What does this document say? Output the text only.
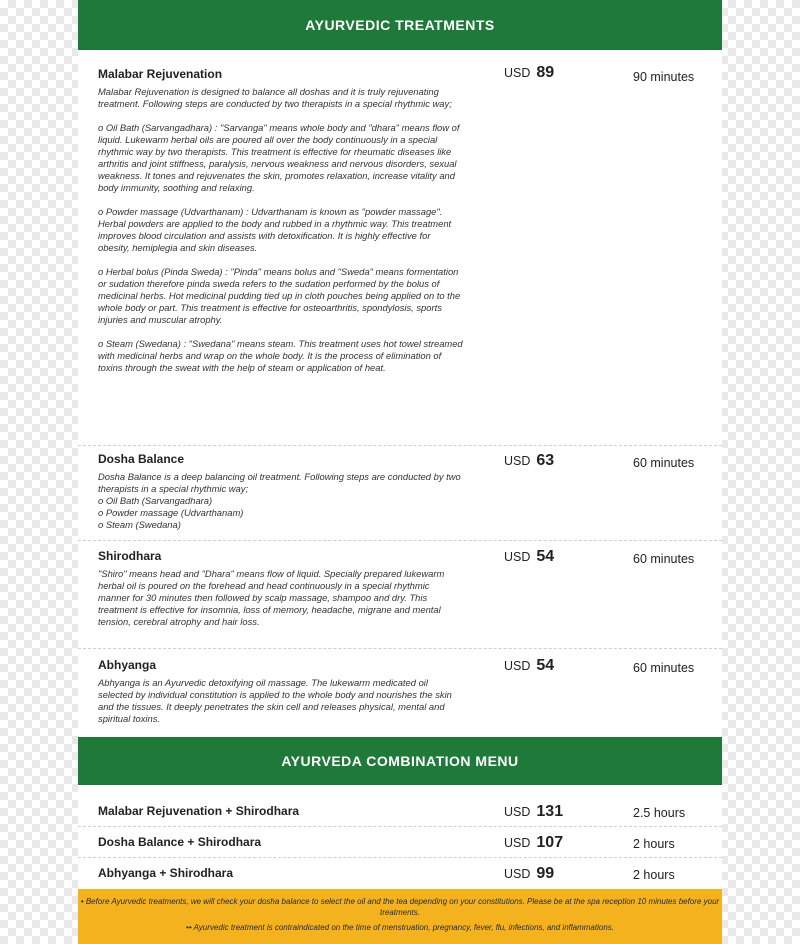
AYURVEDIC TREATMENTS
Malabar Rejuvenation

Malabar Rejuvenation is designed to balance all doshas and it is truly rejuvenating treatment. Following steps are conducted by two therapists in a special rhythmic way;

o Oil Bath (Sarvangadhara) : "Sarvanga" means whole body and "dhara" means flow of liquid. Lukewarm herbal oils are poured all over the body continuously in a special rhythmic way by two therapists. This treatment is effective for rheumatic diseases like arthritis and joint stiffness, paralysis, nervous weakness and nervous disorders, sexual weakness. It tones and rejuvenates the skin, promotes relaxation, increase vitality and body immunity, soothing and relaxing.

o Powder massage (Udvarthanam) : Udvarthanam is known as "powder massage". Herbal powders are applied to the body and rubbed in a rhythmic way. This treatment improves blood circulation and assists with detoxification. It is highly effective for obesity, hemiplegia and skin diseases.

o Herbal bolus (Pinda Sweda) : "Pinda" means bolus and "Sweda" means formentation or sudation therefore pinda sweda refers to the sudation performed by the bolus of medicinal herbs. Hot medicinal pudding tied up in cloth pouches being applied on to the whole body or part. This treatment is effective for osteoarthritis, spondylosis, sports injuries and muscular atrophy.

o Steam (Swedana) : "Swedana" means steam. This treatment uses hot towel streamed with medicinal herbs and wrap on the whole body. It is the process of elimination of toxins through the sweat with the help of steam or application of heat.

USD 89	90 minutes
Dosha Balance
Dosha Balance is a deep balancing oil treatment. Following steps are conducted by two therapists in a special rhythmic way;
o Oil Bath (Sarvangadhara)
o Powder massage (Udvarthanam)
o Steam (Swedana)
USD 63	60 minutes
Shirodhara
"Shiro" means head and "Dhara" means flow of liquid. Specially prepared lukewarm herbal oil is poured on the forehead and head continuously in a special rhythmic manner for 30 minutes then followed by scalp massage, shampoo and dry. This treatment is effective for insomnia, loss of memory, headache, migrane and mental tension, cerebral atrophy and hair loss.
USD 54	60 minutes
Abhyanga
Abhyanga is an Ayurvedic detoxifying oil massage. The lukewarm medicated oil selected by individual constitution is applied to the whole body and nourishes the skin and the tissues. It deeply penetrates the skin cell and releases physical, mental and spiritual toxins.
USD 54	60 minutes
AYURVEDA COMBINATION MENU
Malabar Rejuvenation + Shirodhara	USD 131	2.5 hours
Dosha Balance + Shirodhara	USD 107	2 hours
Abhyanga + Shirodhara	USD 99	2 hours

• Before Ayurvedic treatments, we will check your dosha balance to select the oil and the tea depending on your constitutions. Please be at the spa reception 10 minutes before your treatments.

•• Ayurvedic treatment is contraindicated on the time of menstruation, pregnancy, fever, flu, infections, and inflammations.
